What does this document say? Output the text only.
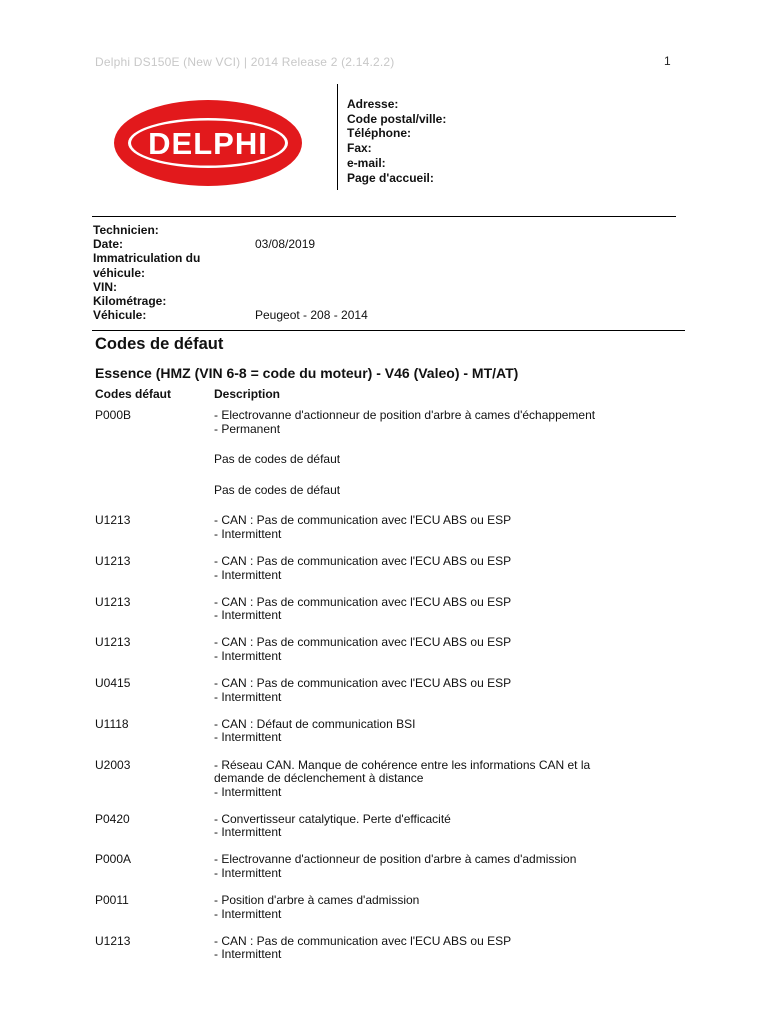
Delphi DS150E (New VCI) | 2014 Release 2 (2.14.2.2)	1
DELPHI
Adresse:
Code postal/ville:
Téléphone:
Fax:
e-mail:
Page d'accueil:
Technicien:
Date:	03/08/2019
Immatriculation du
véhicule:
VIN:
Kilométrage:
Véhicule:	Peugeot - 208 - 2014
Codes de défaut
Essence (HMZ (VIN 6-8 = code du moteur) - V46 (Valeo) - MT/AT)
Codes défaut	Description
P000B	- Electrovanne d'actionneur de position d'arbre à cames d'échappement
- Permanent
Pas de codes de défaut
Pas de codes de défaut
U1213	- CAN : Pas de communication avec l'ECU ABS ou ESP
- Intermittent
U1213	- CAN : Pas de communication avec l'ECU ABS ou ESP
- Intermittent
U1213	- CAN : Pas de communication avec l'ECU ABS ou ESP
- Intermittent
U1213	- CAN : Pas de communication avec l'ECU ABS ou ESP
- Intermittent
U0415	- CAN : Pas de communication avec l'ECU ABS ou ESP
- Intermittent
U1118	- CAN : Défaut de communication BSI
- Intermittent
U2003	- Réseau CAN. Manque de cohérence entre les informations CAN et la
demande de déclenchement à distance
- Intermittent
P0420	- Convertisseur catalytique. Perte d'efficacité
- Intermittent
P000A	- Electrovanne d'actionneur de position d'arbre à cames d'admission
- Intermittent
P0011	- Position d'arbre à cames d'admission
- Intermittent
U1213	- CAN : Pas de communication avec l'ECU ABS ou ESP
- Intermittent
